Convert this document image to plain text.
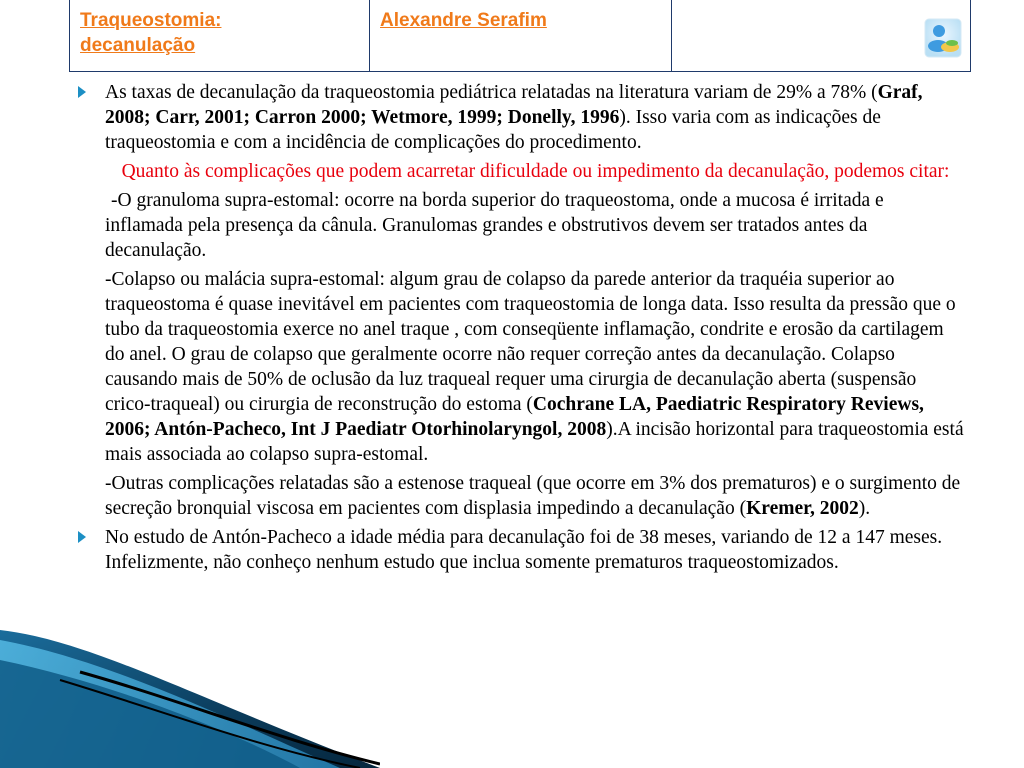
Traqueostomia:
decanulação
Alexandre Serafim
As taxas de decanulação da traqueostomia pediátrica relatadas na literatura variam de 29% a 78% (Graf, 2008; Carr, 2001; Carron 2000; Wetmore, 1999; Donelly, 1996). Isso varia com as indicações de traqueostomia e com a incidência de complicações do procedimento.
Quanto às complicações que podem acarretar dificuldade ou impedimento da decanulação, podemos citar:
-O granuloma supra-estomal: ocorre na borda superior do traqueostoma, onde a mucosa é irritada e inflamada pela presença da cânula. Granulomas grandes e obstrutivos devem ser tratados antes da decanulação.
-Colapso ou malácia supra-estomal: algum grau de colapso da parede anterior da traquéia superior ao traqueostoma é quase inevitável em pacientes com traqueostomia de longa data. Isso resulta da pressão que o tubo da traqueostomia exerce no anel traque , com conseqüente inflamação, condrite e erosão da cartilagem do anel. O grau de colapso que geralmente ocorre não requer correção antes da decanulação. Colapso causando mais de 50% de oclusão da luz traqueal requer uma cirurgia de decanulação aberta (suspensão crico-traqueal) ou cirurgia de reconstrução do estoma (Cochrane LA, Paediatric Respiratory Reviews, 2006; Antón-Pacheco, Int J Paediatr Otorhinolaryngol, 2008).A incisão horizontal para traqueostomia está mais associada ao colapso supra-estomal.
-Outras complicações relatadas são a estenose traqueal (que ocorre em 3% dos prematuros) e o surgimento de secreção bronquial viscosa em pacientes com displasia impedindo a decanulação (Kremer, 2002).
No estudo de Antón-Pacheco a idade média para decanulação foi de 38 meses, variando de 12 a 147 meses. Infelizmente, não conheço nenhum estudo que inclua somente prematuros traqueostomizados.
